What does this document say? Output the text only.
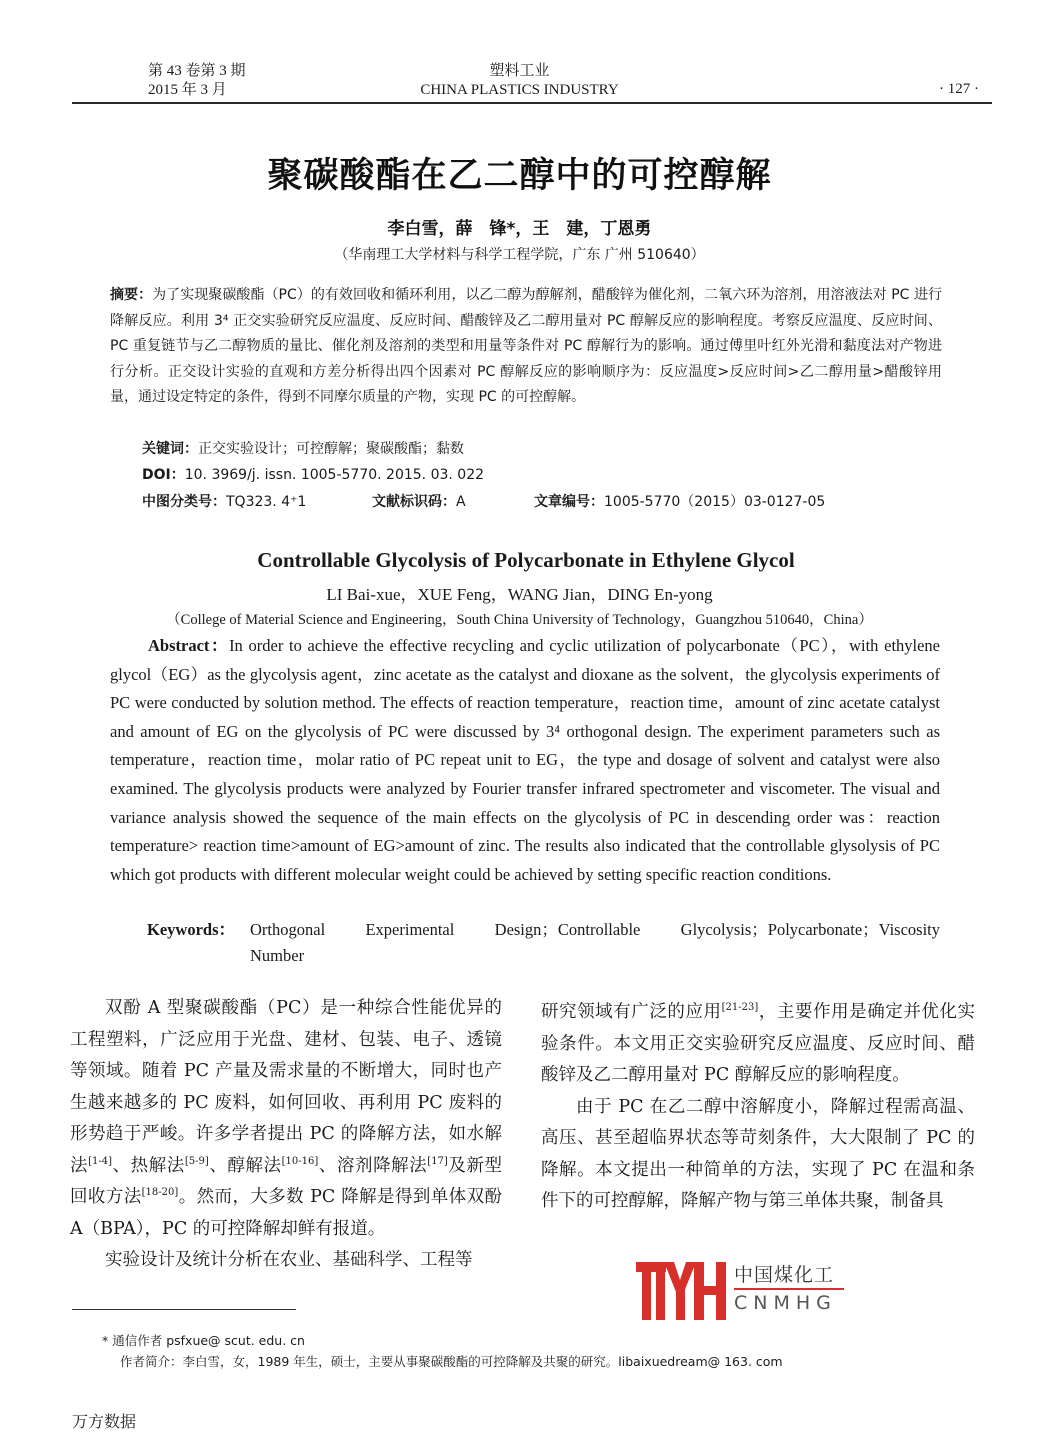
第 43 卷第 3 期
2015 年 3 月
塑料工业
CHINA PLASTICS INDUSTRY	· 127 ·
聚碳酸酯在乙二醇中的可控醇解
李白雪，薛　锋*，王　建，丁恩勇
（华南理工大学材料与科学工程学院，广东 广州 510640）
摘要：为了实现聚碳酸酯（PC）的有效回收和循环利用，以乙二醇为醇解剂，醋酸锌为催化剂，二氧六环为溶剂，用溶液法对 PC 进行降解反应。利用 3⁴ 正交实验研究反应温度、反应时间、醋酸锌及乙二醇用量对 PC 醇解反应的影响程度。考察反应温度、反应时间、PC 重复链节与乙二醇物质的量比、催化剂及溶剂的类型和用量等条件对 PC 醇解行为的影响。通过傅里叶红外光滑和黏度法对产物进行分析。正交设计实验的直观和方差分析得出四个因素对 PC 醇解反应的影响顺序为：反应温度>反应时间>乙二醇用量>醋酸锌用量，通过设定特定的条件，得到不同摩尔质量的产物，实现 PC 的可控醇解。
关键词：正交实验设计；可控醇解；聚碳酸酯；黏数
DOI：10. 3969/j. issn. 1005-5770. 2015. 03. 022
中图分类号：TQ323. 4⁺1	文献标识码：A	文章编号：1005-5770（2015）03-0127-05
Controllable Glycolysis of Polycarbonate in Ethylene Glycol
LI Bai-xue，XUE Feng，WANG Jian，DING En-yong
（College of Material Science and Engineering，South China University of Technology，Guangzhou 510640，China）
Abstract：In order to achieve the effective recycling and cyclic utilization of polycarbonate（PC），with ethylene glycol（EG）as the glycolysis agent，zinc acetate as the catalyst and dioxane as the solvent，the glycolysis experiments of PC were conducted by solution method. The effects of reaction temperature，reaction time，amount of zinc acetate catalyst and amount of EG on the glycolysis of PC were discussed by 3⁴ orthogonal design. The experiment parameters such as temperature，reaction time，molar ratio of PC repeat unit to EG，the type and dosage of solvent and catalyst were also examined. The glycolysis products were analyzed by Fourier transfer infrared spectrometer and viscometer. The visual and variance analysis showed the sequence of the main effects on the glycolysis of PC in descending order was：reaction temperature> reaction time>amount of EG>amount of zinc. The results also indicated that the controllable glysolysis of PC which got products with different molecular weight could be achieved by setting specific reaction conditions.
Keywords： Orthogonal Experimental Design；Controllable Glycolysis；Polycarbonate；Viscosity
Number

双酚 A 型聚碳酸酯（PC）是一种综合性能优异的工程塑料，广泛应用于光盘、建材、包装、电子、透镜等领域。随着 PC 产量及需求量的不断增大，同时也产生越来越多的 PC 废料，如何回收、再利用 PC 废料的形势趋于严峻。许多学者提出 PC 的降解方法，如水解法[1-4]、热解法[5-9]、醇解法[10-16]、溶剂降解法[17]及新型回收方法[18-20]。然而，大多数 PC 降解是得到单体双酚 A（BPA），PC 的可控降解却鲜有报道。

实验设计及统计分析在农业、基础科学、工程等

研究领域有广泛的应用[21-23]，主要作用是确定并优化实验条件。本文用正交实验研究反应温度、反应时间、醋酸锌及乙二醇用量对 PC 醇解反应的影响程度。

由于 PC 在乙二醇中溶解度小，降解过程需高温、高压、甚至超临界状态等苛刻条件，大大限制了 PC 的降解。本文提出一种简单的方法，实现了 PC 在温和条件下的可控醇解，降解产物与第三单体共聚，制备具

中国煤化工
CNMHG
* 通信作者 psfxue@ scut. edu. cn
作者简介：李白雪，女，1989 年生，硕士，主要从事聚碳酸酯的可控降解及共聚的研究。libaixuedream@ 163. com
万方数据
